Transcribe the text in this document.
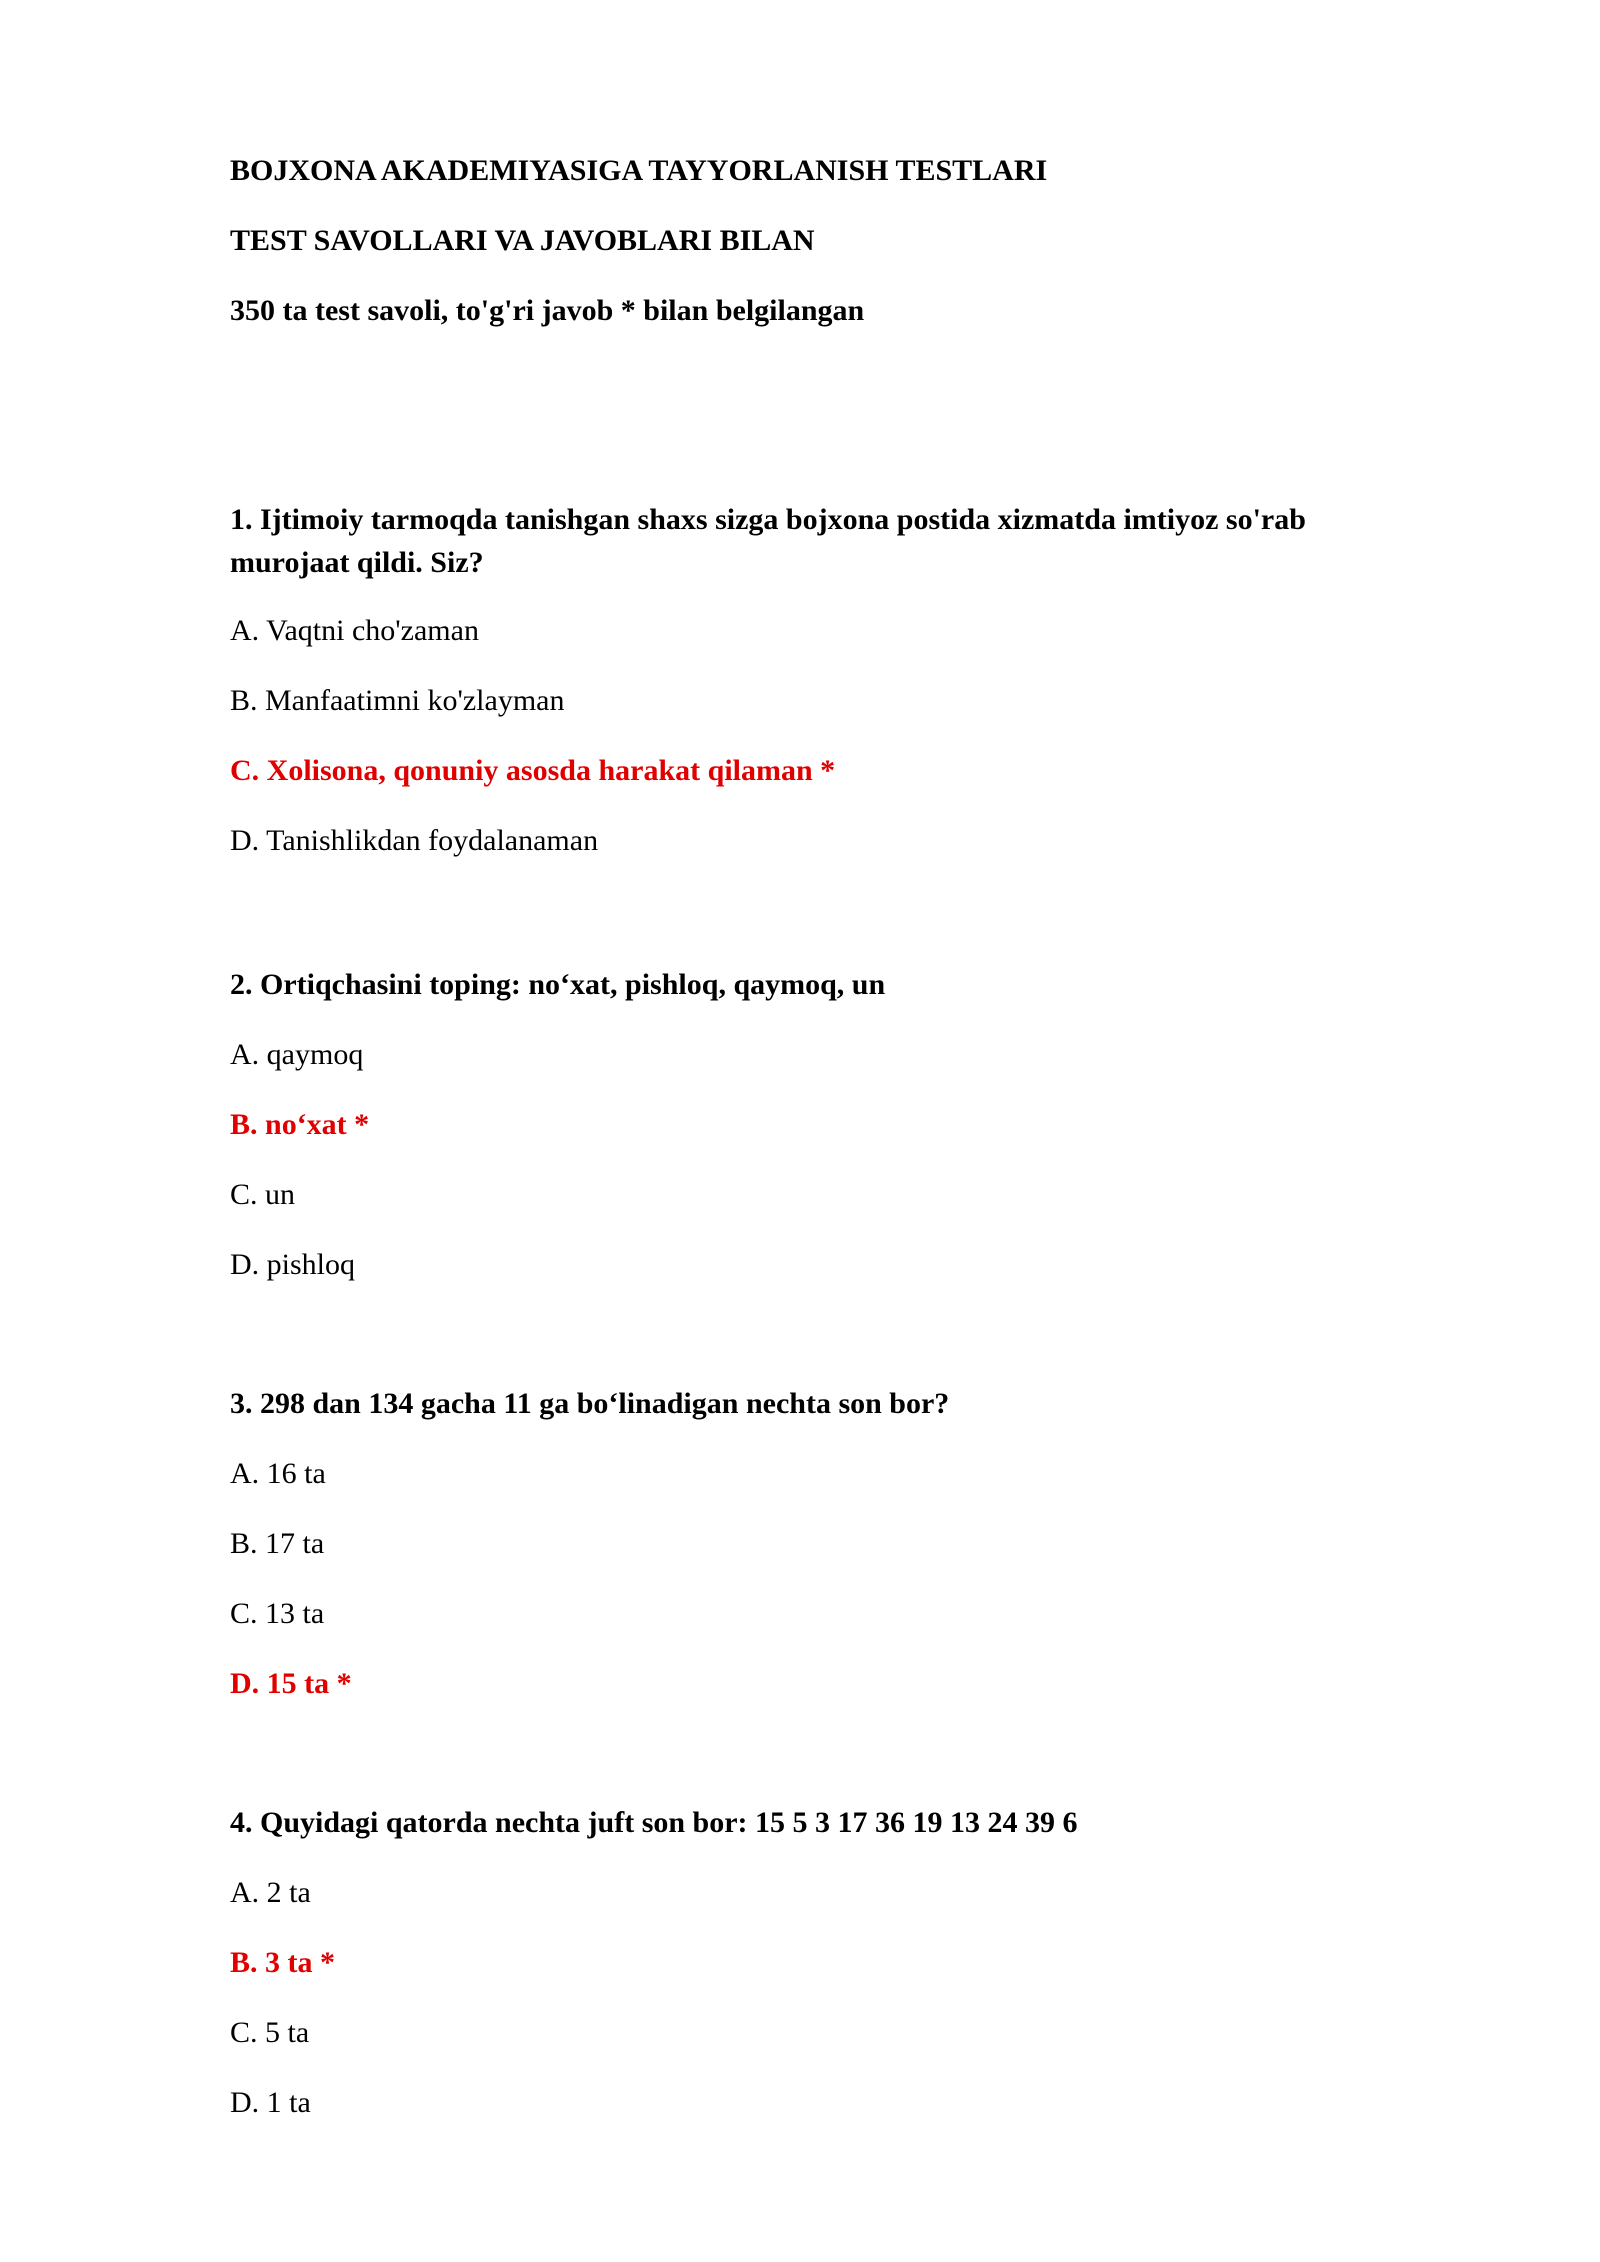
BOJXONA AKADEMIYASIGA TAYYORLANISH TESTLARI
TEST SAVOLLARI VA JAVOBLARI BILAN
350 ta test savoli, to'g'ri javob * bilan belgilangan

1. Ijtimoiy tarmoqda tanishgan shaxs sizga bojxona postida xizmatda imtiyoz so'rab murojaat qildi. Siz?

A. Vaqtni cho'zaman

B. Manfaatimni ko'zlayman

C. Xolisona, qonuniy asosda harakat qilaman *

D. Tanishlikdan foydalanaman

2. Ortiqchasini toping: no‘xat, pishloq, qaymoq, un

A. qaymoq

B. no‘xat *

C. un

D. pishloq

3. 298 dan 134 gacha 11 ga bo‘linadigan nechta son bor?

A. 16 ta

B. 17 ta

C. 13 ta

D. 15 ta *

4. Quyidagi qatorda nechta juft son bor: 15 5 3 17 36 19 13 24 39 6

A. 2 ta

B. 3 ta *

C. 5 ta

D. 1 ta
